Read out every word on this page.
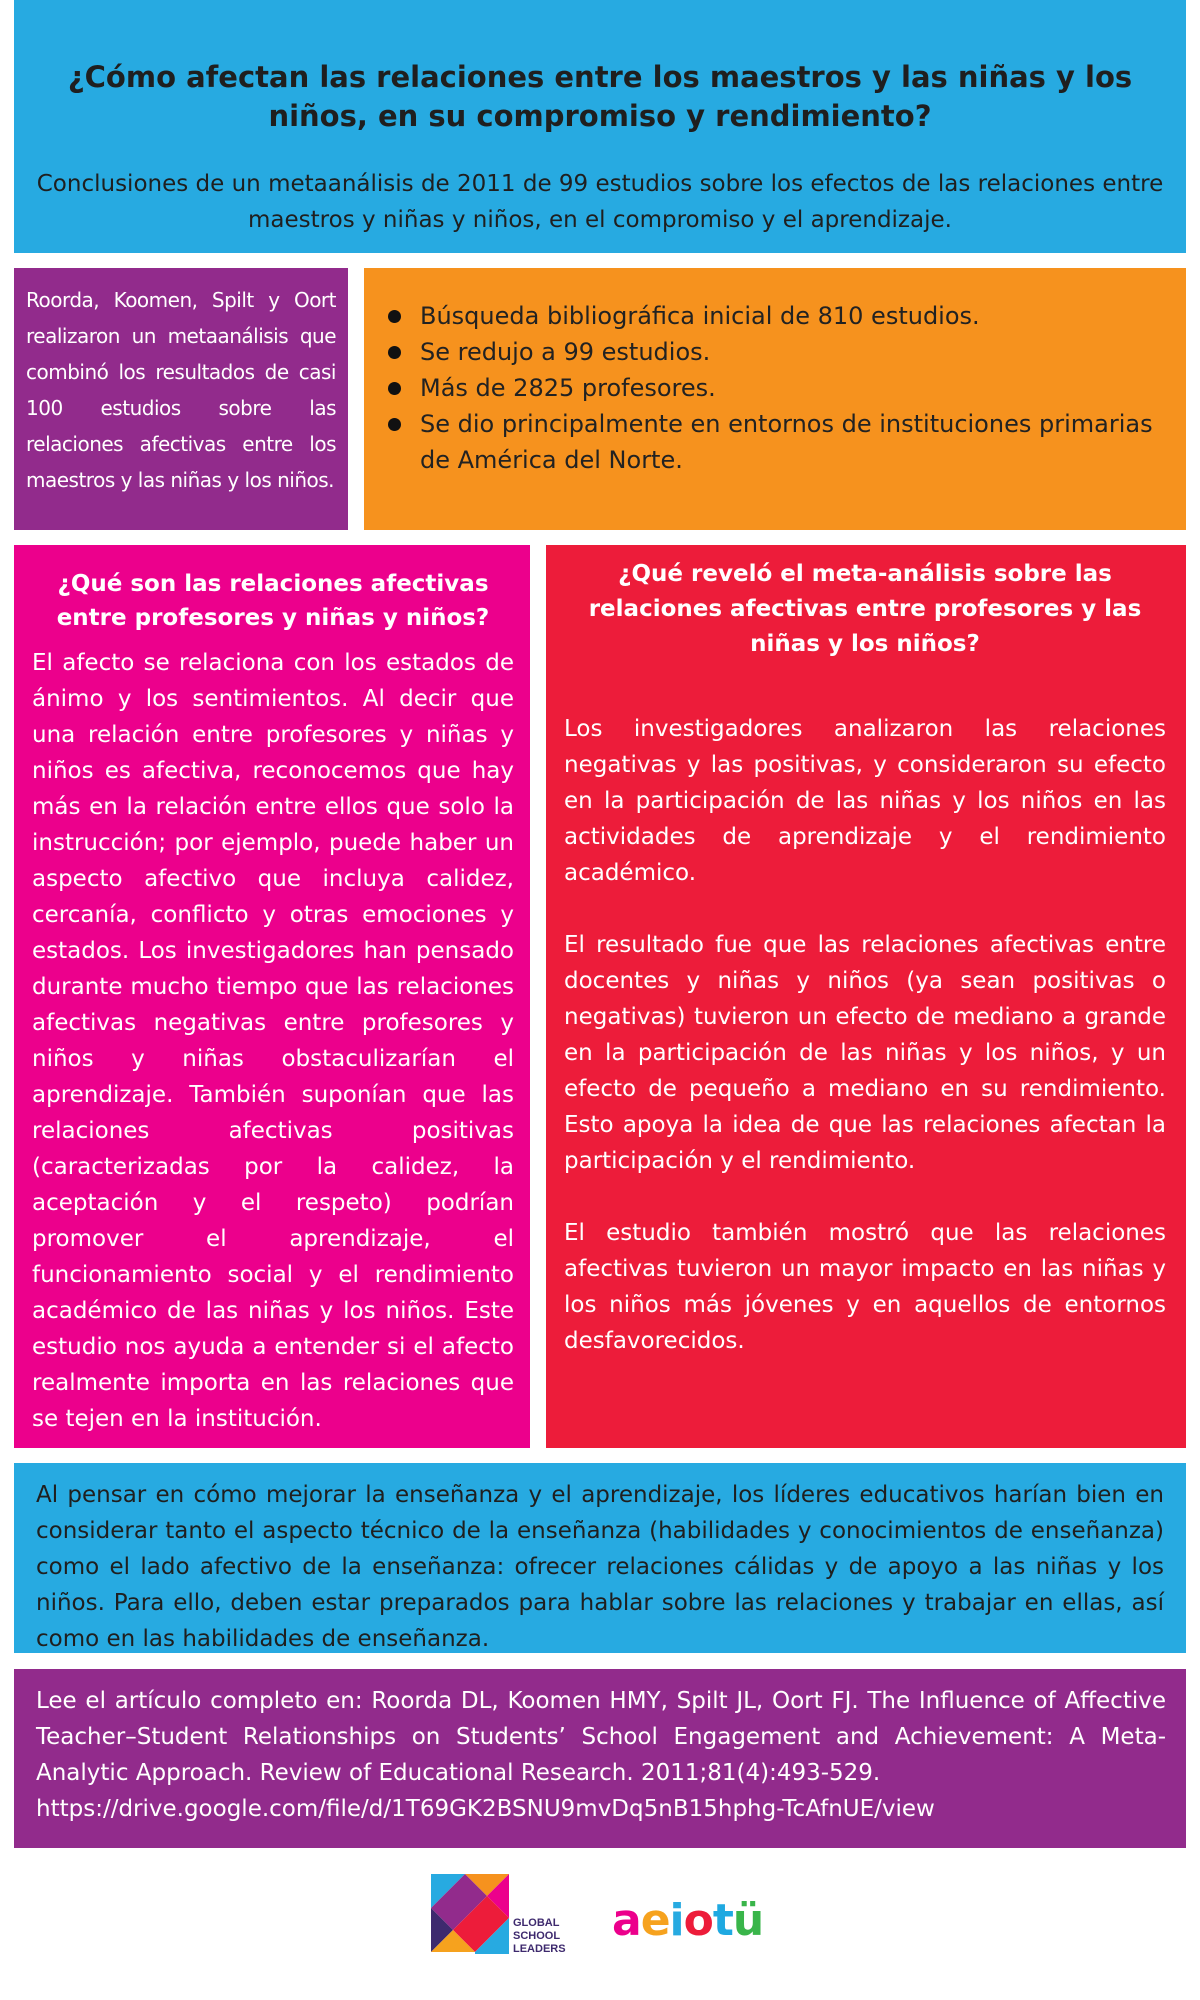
¿Cómo afectan las relaciones entre los maestros y las niñas y los niños, en su compromiso y rendimiento?

Conclusiones de un metaanálisis de 2011 de 99 estudios sobre los efectos de las relaciones entre maestros y niñas y niños, en el compromiso y el aprendizaje.

Roorda, Koomen, Spilt y Oort realizaron un metaanálisis que combinó los resultados de casi 100 estudios sobre las relaciones afectivas entre los maestros y las niñas y los niños.
Búsqueda bibliográfica inicial de 810 estudios.
Se redujo a 99 estudios.
Más de 2825 profesores.
Se dio principalmente en entornos de instituciones primarias de América del Norte.
¿Qué son las relaciones afectivas entre profesores y niñas y niños?

El afecto se relaciona con los estados de ánimo y los sentimientos. Al decir que una relación entre profesores y niñas y niños es afectiva, reconocemos que hay más en la relación entre ellos que solo la instrucción; por ejemplo, puede haber un aspecto afectivo que incluya calidez, cercanía, conflicto y otras emociones y estados. Los investigadores han pensado durante mucho tiempo que las relaciones afectivas negativas entre profesores y niños y niñas obstaculizarían el aprendizaje. También suponían que las relaciones afectivas positivas (caracterizadas por la calidez, la aceptación y el respeto) podrían promover el aprendizaje, el funcionamiento social y el rendimiento académico de las niñas y los niños. Este estudio nos ayuda a entender si el afecto realmente importa en las relaciones que se tejen en la institución.

¿Qué reveló el meta-análisis sobre las relaciones afectivas entre profesores y las niñas y los niños?

Los investigadores analizaron las relaciones negativas y las positivas, y consideraron su efecto en la participación de las niñas y los niños en las actividades de aprendizaje y el rendimiento académico.

El resultado fue que las relaciones afectivas entre docentes y niñas y niños (ya sean positivas o negativas) tuvieron un efecto de mediano a grande en la participación de las niñas y los niños, y un efecto de pequeño a mediano en su rendimiento. Esto apoya la idea de que las relaciones afectan la participación y el rendimiento.

El estudio también mostró que las relaciones afectivas tuvieron un mayor impacto en las niñas y los niños más jóvenes y en aquellos de entornos desfavorecidos.

Al pensar en cómo mejorar la enseñanza y el aprendizaje, los líderes educativos harían bien en considerar tanto el aspecto técnico de la enseñanza (habilidades y conocimientos de enseñanza) como el lado afectivo de la enseñanza: ofrecer relaciones cálidas y de apoyo a las niñas y los niños. Para ello, deben estar preparados para hablar sobre las relaciones y trabajar en ellas, así como en las habilidades de enseñanza.
Lee el artículo completo en: Roorda DL, Koomen HMY, Spilt JL, Oort FJ. The Influence of Affective Teacher–Student Relationships on Students’ School Engagement and Achievement: A Meta-Analytic Approach. Review of Educational Research. 2011;81(4):493-529.
https://drive.google.com/file/d/1T69GK2BSNU9mvDq5nB15hphg-TcAfnUE/view
GLOBAL
SCHOOL
LEADERS
aeiotü
